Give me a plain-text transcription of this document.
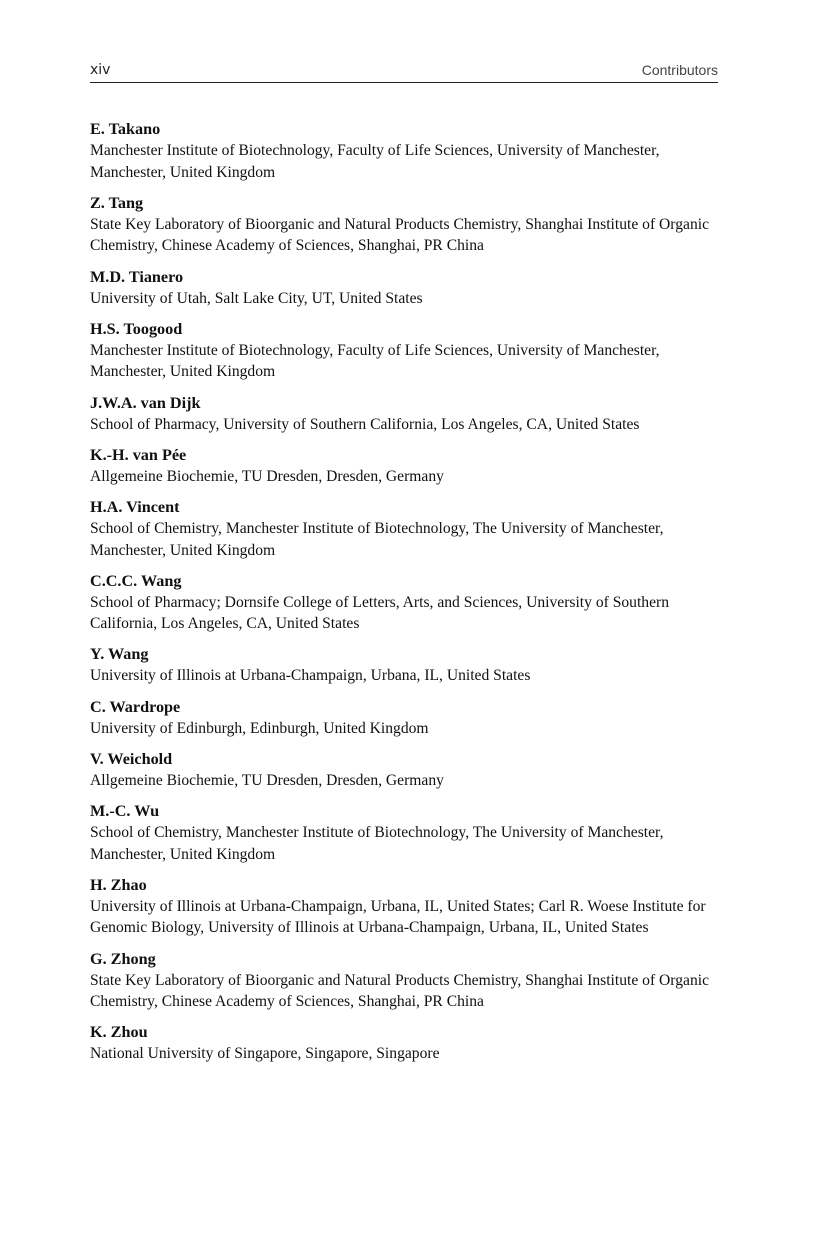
xiv	Contributors
E. Takano
Manchester Institute of Biotechnology, Faculty of Life Sciences, University of Manchester, Manchester, United Kingdom
Z. Tang
State Key Laboratory of Bioorganic and Natural Products Chemistry, Shanghai Institute of Organic Chemistry, Chinese Academy of Sciences, Shanghai, PR China
M.D. Tianero
University of Utah, Salt Lake City, UT, United States
H.S. Toogood
Manchester Institute of Biotechnology, Faculty of Life Sciences, University of Manchester, Manchester, United Kingdom
J.W.A. van Dijk
School of Pharmacy, University of Southern California, Los Angeles, CA, United States
K.-H. van Pée
Allgemeine Biochemie, TU Dresden, Dresden, Germany
H.A. Vincent
School of Chemistry, Manchester Institute of Biotechnology, The University of Manchester, Manchester, United Kingdom
C.C.C. Wang
School of Pharmacy; Dornsife College of Letters, Arts, and Sciences, University of Southern California, Los Angeles, CA, United States
Y. Wang
University of Illinois at Urbana-Champaign, Urbana, IL, United States
C. Wardrope
University of Edinburgh, Edinburgh, United Kingdom
V. Weichold
Allgemeine Biochemie, TU Dresden, Dresden, Germany
M.-C. Wu
School of Chemistry, Manchester Institute of Biotechnology, The University of Manchester, Manchester, United Kingdom
H. Zhao
University of Illinois at Urbana-Champaign, Urbana, IL, United States; Carl R. Woese Institute for Genomic Biology, University of Illinois at Urbana-Champaign, Urbana, IL, United States
G. Zhong
State Key Laboratory of Bioorganic and Natural Products Chemistry, Shanghai Institute of Organic Chemistry, Chinese Academy of Sciences, Shanghai, PR China
K. Zhou
National University of Singapore, Singapore, Singapore
